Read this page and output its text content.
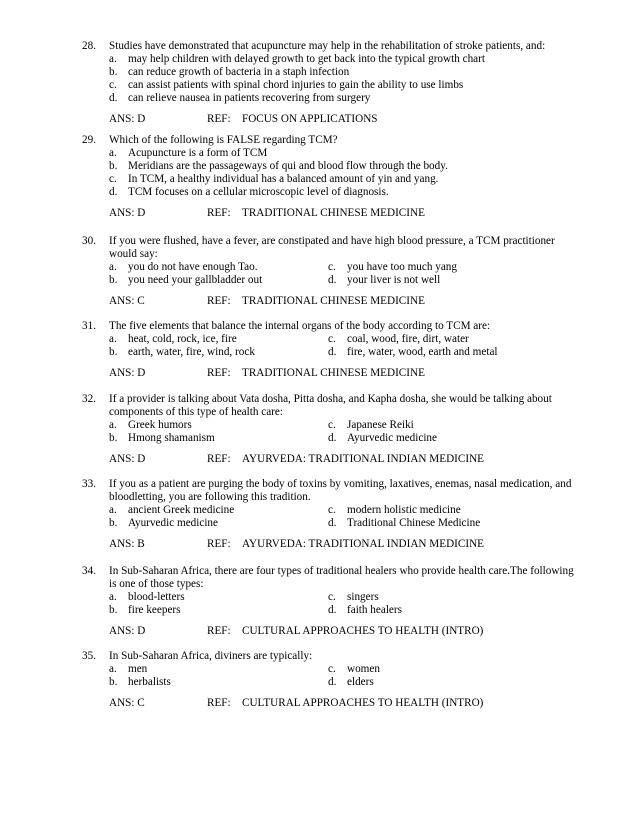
28. Studies have demonstrated that acupuncture may help in the rehabilitation of stroke patients, and:
a. may help children with delayed growth to get back into the typical growth chart
b. can reduce growth of bacteria in a staph infection
c. can assist patients with spinal chord injuries to gain the ability to use limbs
d. can relieve nausea in patients recovering from surgery
ANS: D	REF: FOCUS ON APPLICATIONS
29. Which of the following is FALSE regarding TCM?
a. Acupuncture is a form of TCM
b. Meridians are the passageways of qui and blood flow through the body.
c. In TCM, a healthy individual has a balanced amount of yin and yang.
d. TCM focuses on a cellular microscopic level of diagnosis.
ANS: D	REF: TRADITIONAL CHINESE MEDICINE
30. If you were flushed, have a fever, are constipated and have high blood pressure, a TCM practitioner would say:
a. you do not have enough Tao.	c. you have too much yang
b. you need your gallbladder out	d. your liver is not well
ANS: C	REF: TRADITIONAL CHINESE MEDICINE
31. The five elements that balance the internal organs of the body according to TCM are:
a. heat, cold, rock, ice, fire	c. coal, wood, fire, dirt, water
b. earth, water, fire, wind, rock	d. fire, water, wood, earth and metal
ANS: D	REF: TRADITIONAL CHINESE MEDICINE
32. If a provider is talking about Vata dosha, Pitta dosha, and Kapha dosha, she would be talking about components of this type of health care:
a. Greek humors	c. Japanese Reiki
b. Hmong shamanism	d. Ayurvedic medicine
ANS: D	REF: AYURVEDA: TRADITIONAL INDIAN MEDICINE
33. If you as a patient are purging the body of toxins by vomiting, laxatives, enemas, nasal medication, and bloodletting, you are following this tradition.
a. ancient Greek medicine	c. modern holistic medicine
b. Ayurvedic medicine	d. Traditional Chinese Medicine
ANS: B	REF: AYURVEDA: TRADITIONAL INDIAN MEDICINE
34. In Sub-Saharan Africa, there are four types of traditional healers who provide health care.The following is one of those types:
a. blood-letters	c. singers
b. fire keepers	d. faith healers
ANS: D	REF: CULTURAL APPROACHES TO HEALTH (INTRO)
35. In Sub-Saharan Africa, diviners are typically:
a. men	c. women
b. herbalists	d. elders
ANS: C	REF: CULTURAL APPROACHES TO HEALTH (INTRO)
